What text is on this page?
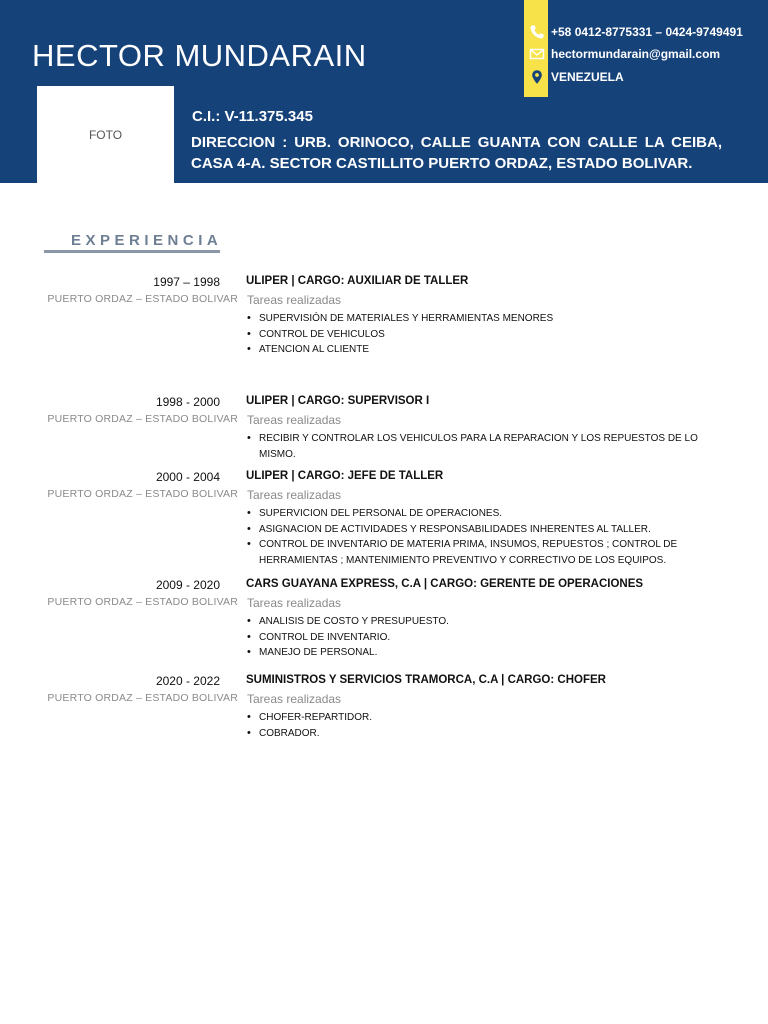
HECTOR MUNDARAIN
+58 0412-8775331 – 0424-9749491
hectormundarain@gmail.com
VENEZUELA
FOTO
C.I.: V-11.375.345
DIRECCION : URB. ORINOCO, CALLE GUANTA CON CALLE LA CEIBA, CASA 4-A. SECTOR CASTILLITO PUERTO ORDAZ, ESTADO BOLIVAR.
EXPERIENCIA
1997 – 1998
PUERTO ORDAZ – ESTADO BOLIVAR
ULIPER | CARGO: AUXILIAR DE TALLER
Tareas realizadas
• SUPERVISIÓN DE MATERIALES Y HERRAMIENTAS MENORES
• CONTROL DE VEHICULOS
• ATENCION AL CLIENTE
1998 - 2000
PUERTO ORDAZ – ESTADO BOLIVAR
ULIPER | CARGO: SUPERVISOR I
Tareas realizadas
• RECIBIR Y CONTROLAR LOS VEHICULOS PARA LA REPARACION Y LOS REPUESTOS DE LO MISMO.
2000 - 2004
PUERTO ORDAZ – ESTADO BOLIVAR
ULIPER | CARGO: JEFE DE TALLER
Tareas realizadas
• SUPERVICION DEL PERSONAL DE OPERACIONES.
• ASIGNACION DE ACTIVIDADES Y RESPONSABILIDADES INHERENTES AL TALLER.
• CONTROL DE INVENTARIO DE MATERIA PRIMA, INSUMOS, REPUESTOS ; CONTROL DE HERRAMIENTAS ; MANTENIMIENTO PREVENTIVO Y CORRECTIVO DE LOS EQUIPOS.
2009 - 2020
PUERTO ORDAZ – ESTADO BOLIVAR
CARS GUAYANA EXPRESS, C.A | CARGO: GERENTE DE OPERACIONES
Tareas realizadas
• ANALISIS DE COSTO Y PRESUPUESTO.
• CONTROL DE INVENTARIO.
• MANEJO DE PERSONAL.
2020 - 2022
PUERTO ORDAZ – ESTADO BOLIVAR
SUMINISTROS Y SERVICIOS TRAMORCA, C.A | CARGO: CHOFER
Tareas realizadas
• CHOFER-REPARTIDOR.
• COBRADOR.
